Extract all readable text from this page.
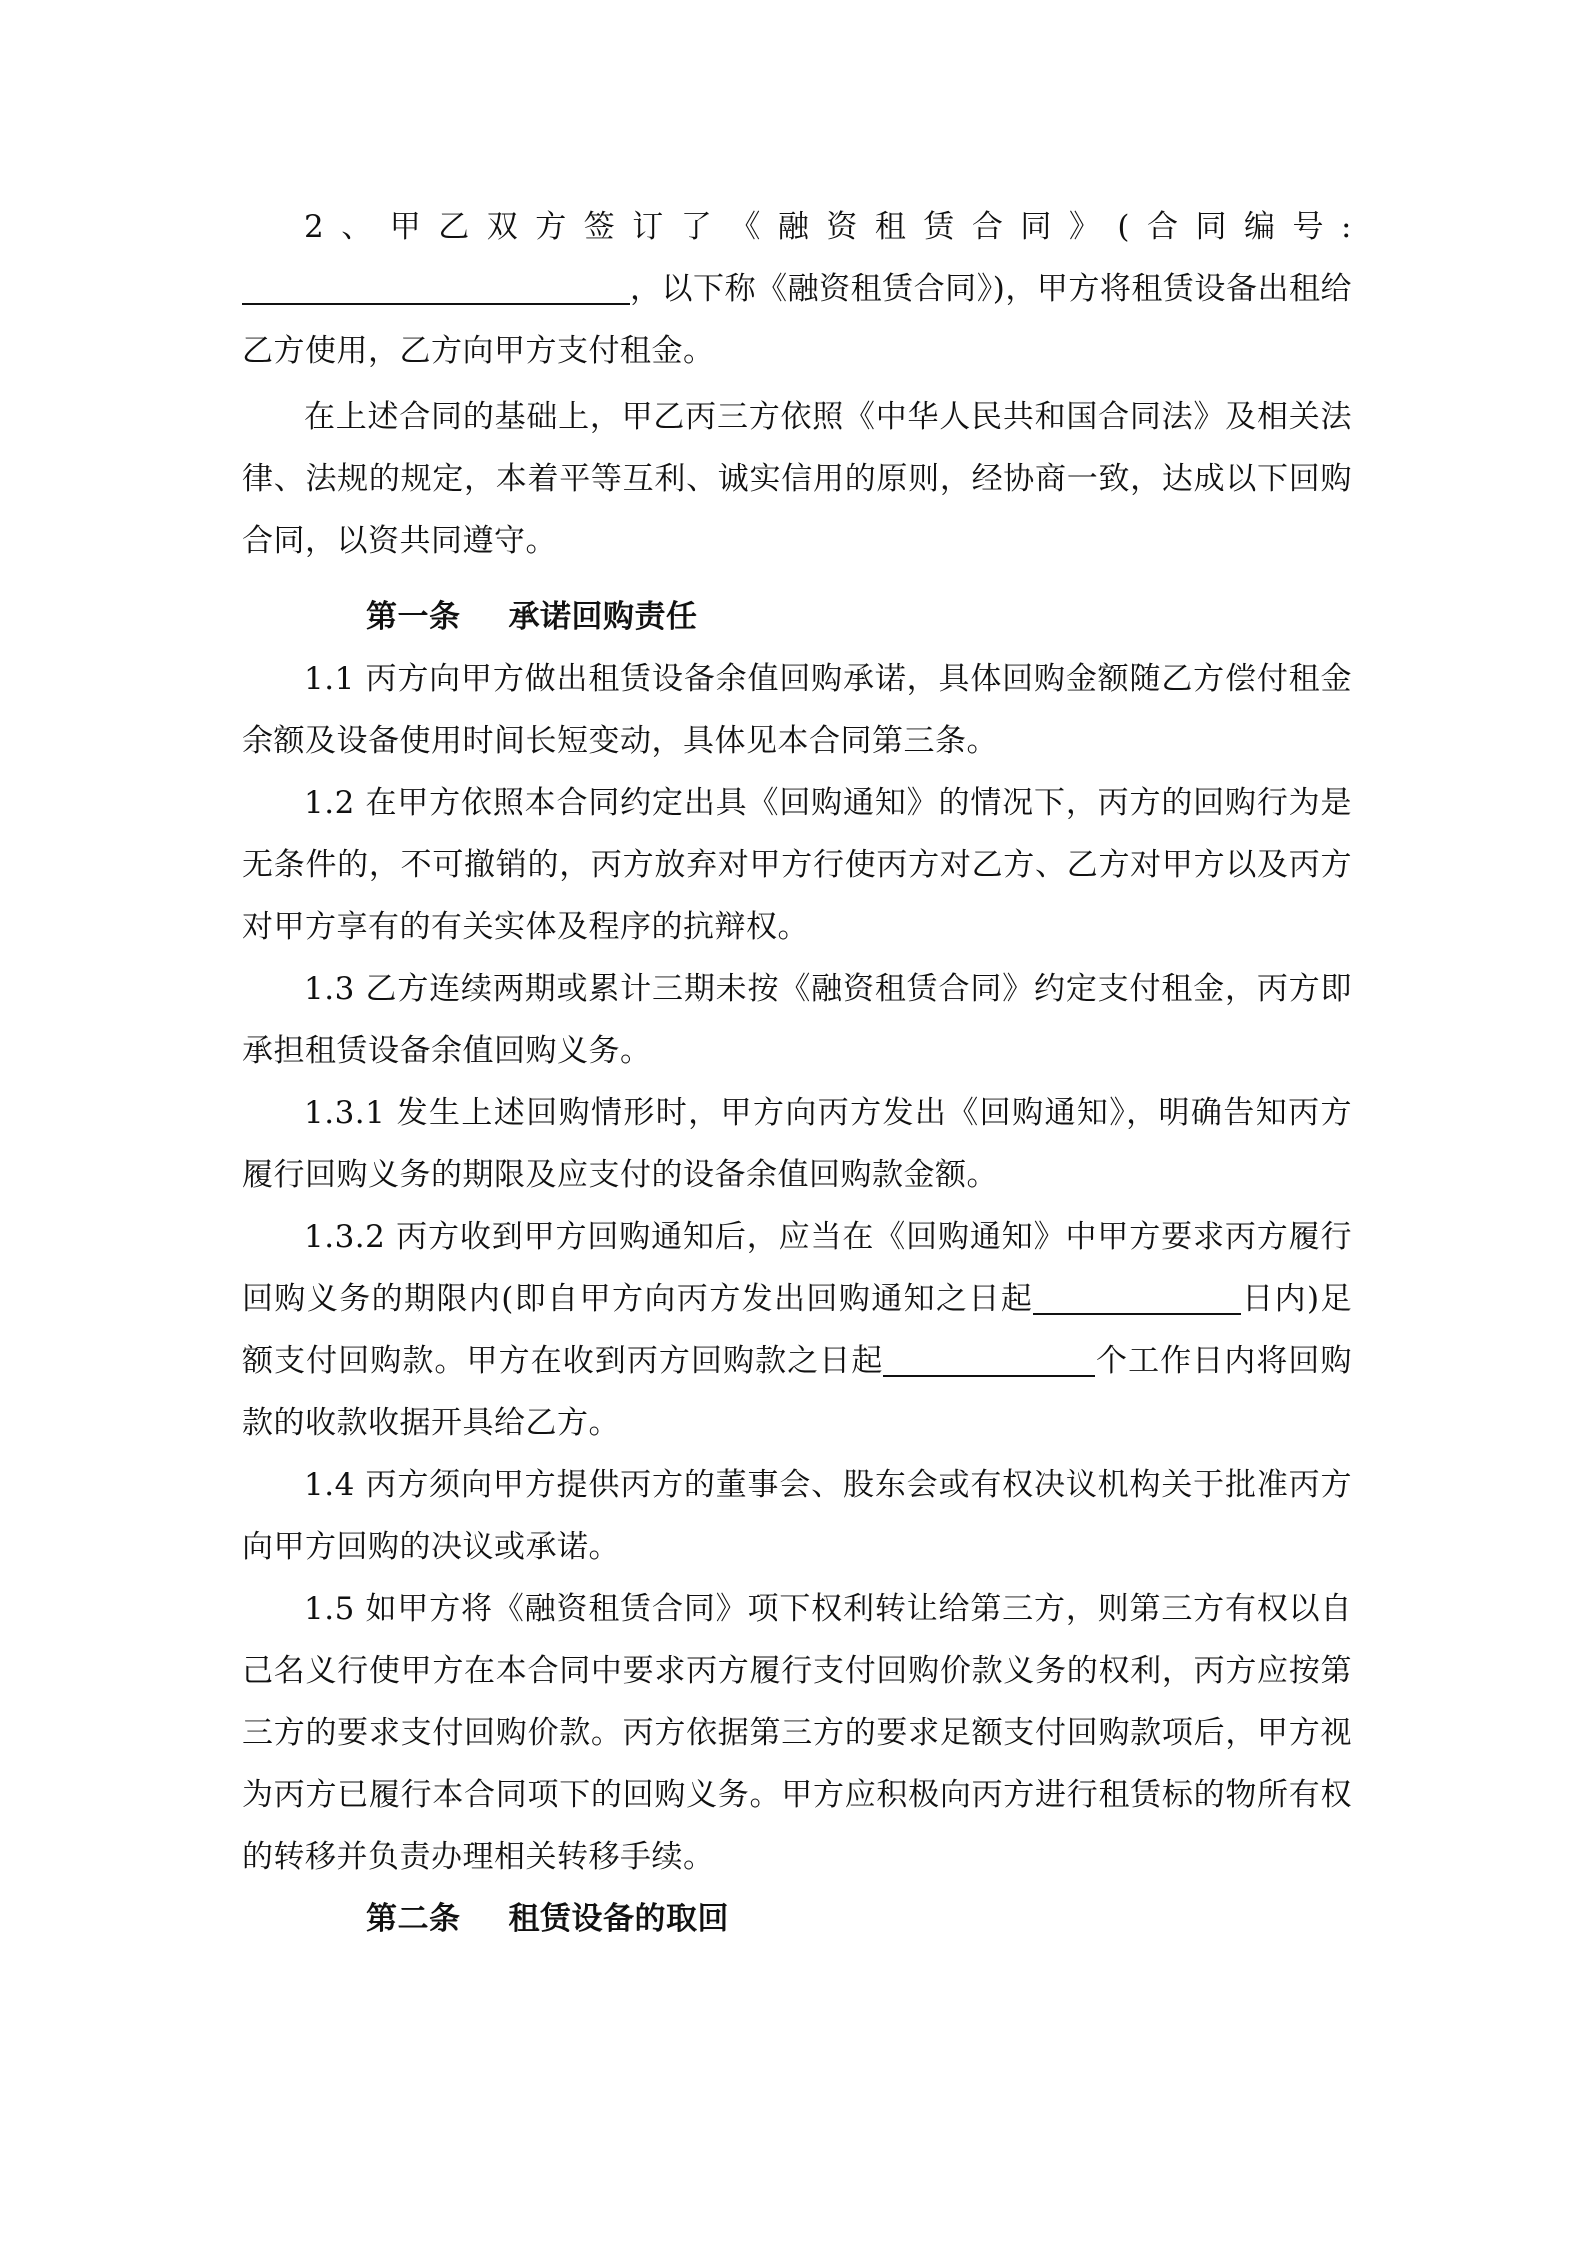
2、甲乙双方签订了《融资租赁合同》(合同编号:，以下称《融资租赁合同》)，甲方将租赁设备出租给乙方使用，乙方向甲方支付租金。

在上述合同的基础上，甲乙丙三方依照《中华人民共和国合同法》及相关法律、法规的规定，本着平等互利、诚实信用的原则，经协商一致，达成以下回购合同，以资共同遵守。

第一条 承诺回购责任

1.1 丙方向甲方做出租赁设备余值回购承诺，具体回购金额随乙方偿付租金余额及设备使用时间长短变动，具体见本合同第三条。

1.2 在甲方依照本合同约定出具《回购通知》的情况下，丙方的回购行为是无条件的，不可撤销的，丙方放弃对甲方行使丙方对乙方、乙方对甲方以及丙方对甲方享有的有关实体及程序的抗辩权。

1.3 乙方连续两期或累计三期未按《融资租赁合同》约定支付租金，丙方即承担租赁设备余值回购义务。

1.3.1 发生上述回购情形时，甲方向丙方发出《回购通知》，明确告知丙方履行回购义务的期限及应支付的设备余值回购款金额。

1.3.2 丙方收到甲方回购通知后，应当在《回购通知》中甲方要求丙方履行回购义务的期限内(即自甲方向丙方发出回购通知之日起	日内)足额支付回购款。甲方在收到丙方回购款之日起	个工作日内将回购款的收款收据开具给乙方。

1.4 丙方须向甲方提供丙方的董事会、股东会或有权决议机构关于批准丙方向甲方回购的决议或承诺。

1.5 如甲方将《融资租赁合同》项下权利转让给第三方，则第三方有权以自己名义行使甲方在本合同中要求丙方履行支付回购价款义务的权利，丙方应按第三方的要求支付回购价款。丙方依据第三方的要求足额支付回购款项后，甲方视为丙方已履行本合同项下的回购义务。甲方应积极向丙方进行租赁标的物所有权的转移并负责办理相关转移手续。

第二条 租赁设备的取回
